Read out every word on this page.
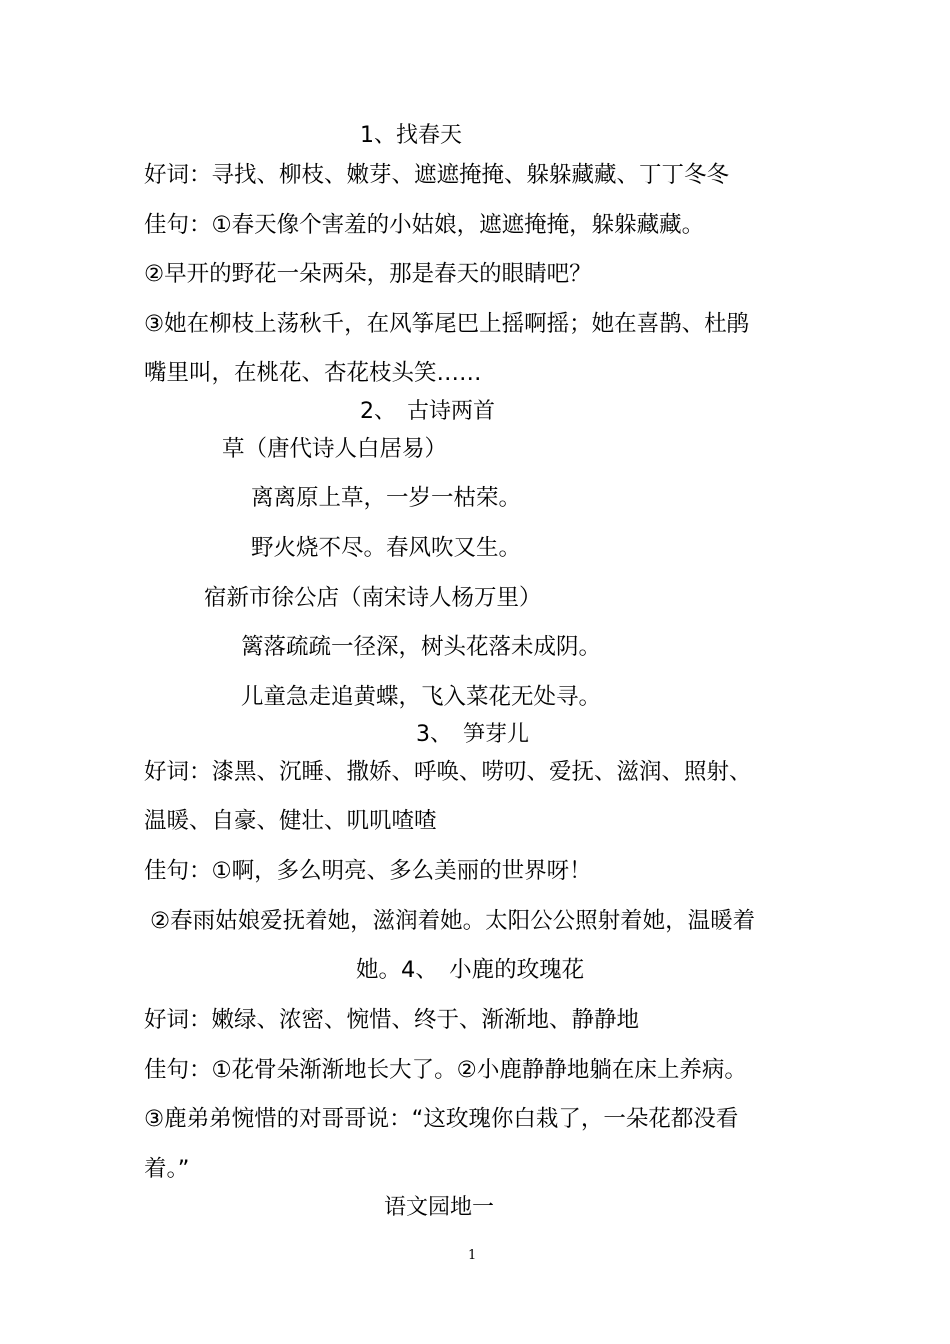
1、找春天
好词：寻找、柳枝、嫩芽、遮遮掩掩、躲躲藏藏、丁丁冬冬
佳句：①春天像个害羞的小姑娘，遮遮掩掩，躲躲藏藏。
②早开的野花一朵两朵，那是春天的眼睛吧？
③她在柳枝上荡秋千，在风筝尾巴上摇啊摇；她在喜鹊、杜鹃
嘴里叫，在桃花、杏花枝头笑……
2、　古诗两首
草（唐代诗人白居易）
离离原上草，一岁一枯荣。
野火烧不尽。春风吹又生。
宿新市徐公店（南宋诗人杨万里）
篱落疏疏一径深，树头花落未成阴。
儿童急走追黄蝶，飞入菜花无处寻。
3、　笋芽儿
好词：漆黑、沉睡、撒娇、呼唤、唠叨、爱抚、滋润、照射、
温暖、自豪、健壮、叽叽喳喳
佳句：①啊，多么明亮、多么美丽的世界呀！
②春雨姑娘爱抚着她，滋润着她。太阳公公照射着她，温暖着
她。4、　小鹿的玫瑰花
好词：嫩绿、浓密、惋惜、终于、渐渐地、静静地
佳句：①花骨朵渐渐地长大了。②小鹿静静地躺在床上养病。
③鹿弟弟惋惜的对哥哥说：“这玫瑰你白栽了，一朵花都没看
着。”
语文园地一
1
